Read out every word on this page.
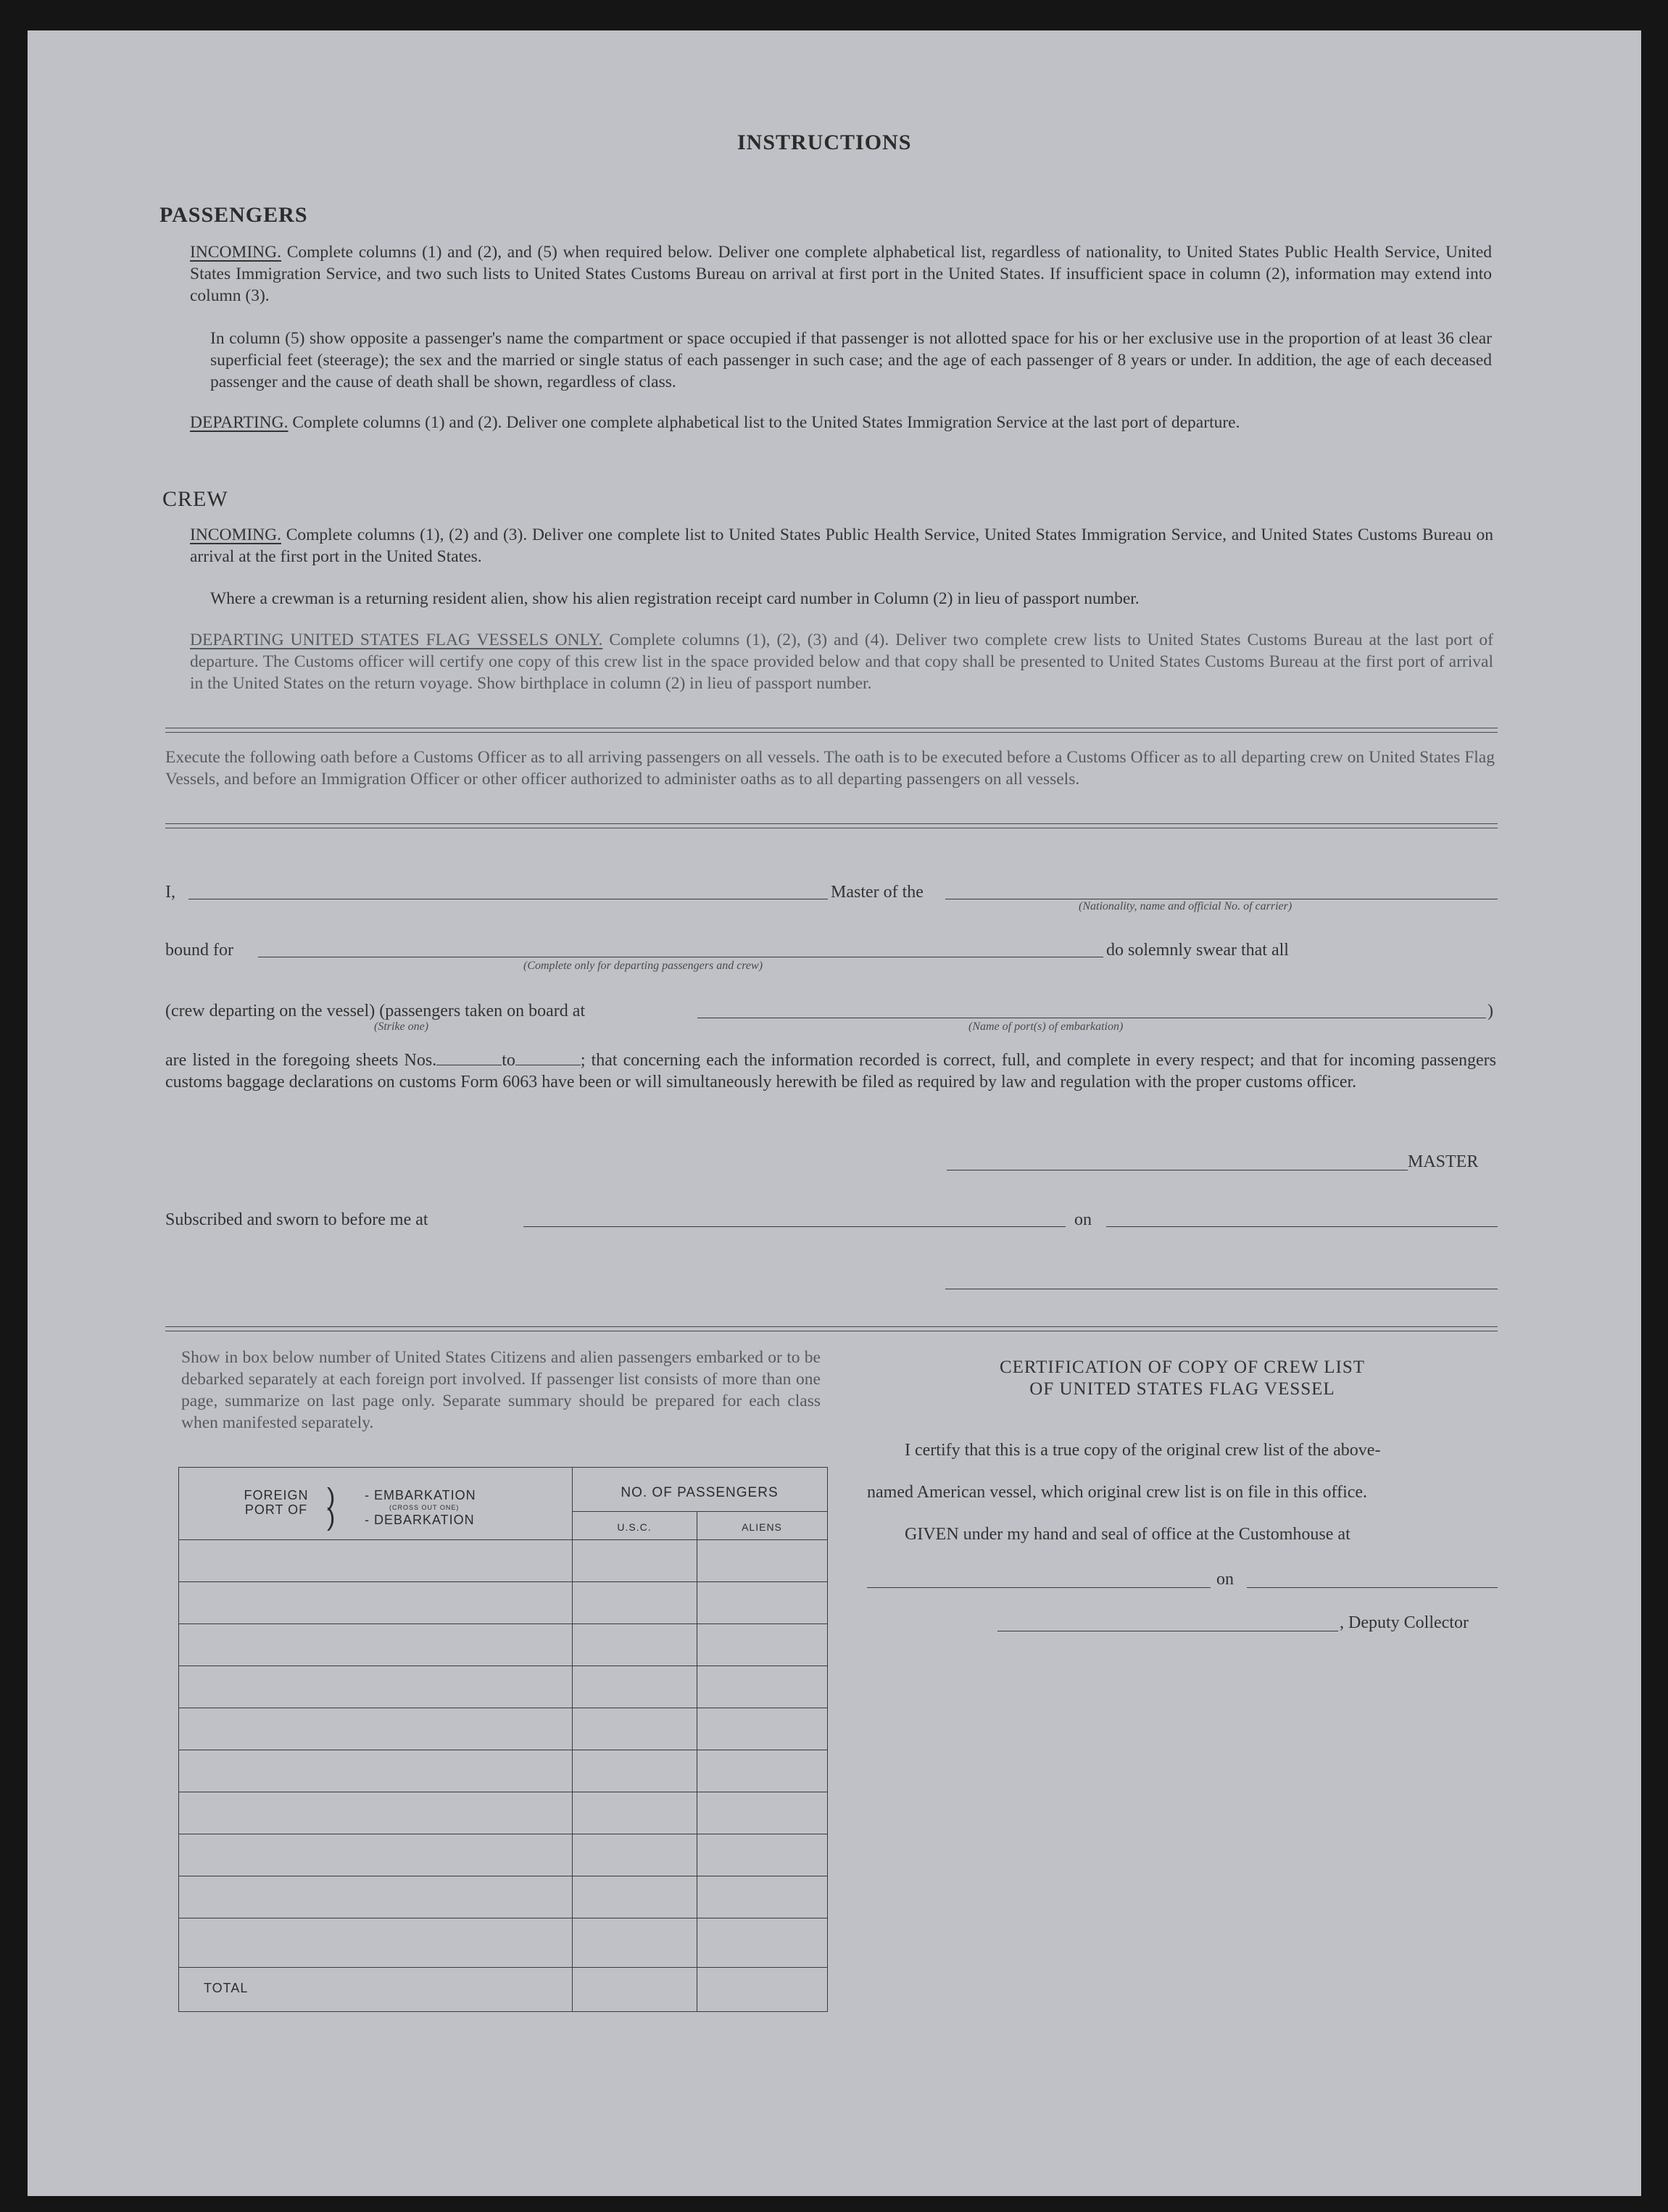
INSTRUCTIONS
PASSENGERS
INCOMING. Complete columns (1) and (2), and (5) when required below. Deliver one complete alphabetical list, regardless of nationality, to United States Public Health Service, United States Immigration Service, and two such lists to United States Customs Bureau on arrival at first port in the United States. If insufficient space in column (2), information may extend into column (3).
In column (5) show opposite a passenger's name the compartment or space occupied if that passenger is not allotted space for his or her exclusive use in the proportion of at least 36 clear superficial feet (steerage); the sex and the married or single status of each passenger in such case; and the age of each passenger of 8 years or under. In addition, the age of each deceased passenger and the cause of death shall be shown, regardless of class.
DEPARTING. Complete columns (1) and (2). Deliver one complete alphabetical list to the United States Immigration Service at the last port of departure.
CREW
INCOMING. Complete columns (1), (2) and (3). Deliver one complete list to United States Public Health Service, United States Immigration Service, and United States Customs Bureau on arrival at the first port in the United States.
Where a crewman is a returning resident alien, show his alien registration receipt card number in Column (2) in lieu of passport number.
DEPARTING UNITED STATES FLAG VESSELS ONLY. Complete columns (1), (2), (3) and (4). Deliver two complete crew lists to United States Customs Bureau at the last port of departure. The Customs officer will certify one copy of this crew list in the space provided below and that copy shall be presented to United States Customs Bureau at the first port of arrival in the United States on the return voyage. Show birthplace in column (2) in lieu of passport number.
Execute the following oath before a Customs Officer as to all arriving passengers on all vessels. The oath is to be executed before a Customs Officer as to all departing crew on United States Flag Vessels, and before an Immigration Officer or other officer authorized to administer oaths as to all departing passengers on all vessels.
I,	Master of the
(Nationality, name and official No. of carrier)
bound for
(Complete only for departing passengers and crew)
do solemnly swear that all
(crew departing on the vessel) (passengers taken on board at
(Strike one)	(Name of port(s) of embarkation)
)
are listed in the foregoing sheets Nos.	to	; that concerning each the information recorded is correct, full, and complete in every respect; and that for incoming passengers customs baggage declarations on customs Form 6063 have been or will simultaneously herewith be filed as required by law and regulation with the proper customs officer.
MASTER
Subscribed and sworn to before me at	on
Show in box below number of United States Citizens and alien passengers embarked or to be debarked separately at each foreign port involved. If passenger list consists of more than one page, summarize on last page only. Separate summary should be prepared for each class when manifested separately.
FOREIGN PORT OF )
)
- EMBARKATION
(CROSS OUT ONE)
- DEBARKATION
NO. OF PASSENGERS
U.S.C.	ALIENS
TOTAL
CERTIFICATION OF COPY OF CREW LIST
OF UNITED STATES FLAG VESSEL
I certify that this is a true copy of the original crew list of the above-
named American vessel, which original crew list is on file in this office.
GIVEN under my hand and seal of office at the Customhouse at
on
, Deputy Collector
